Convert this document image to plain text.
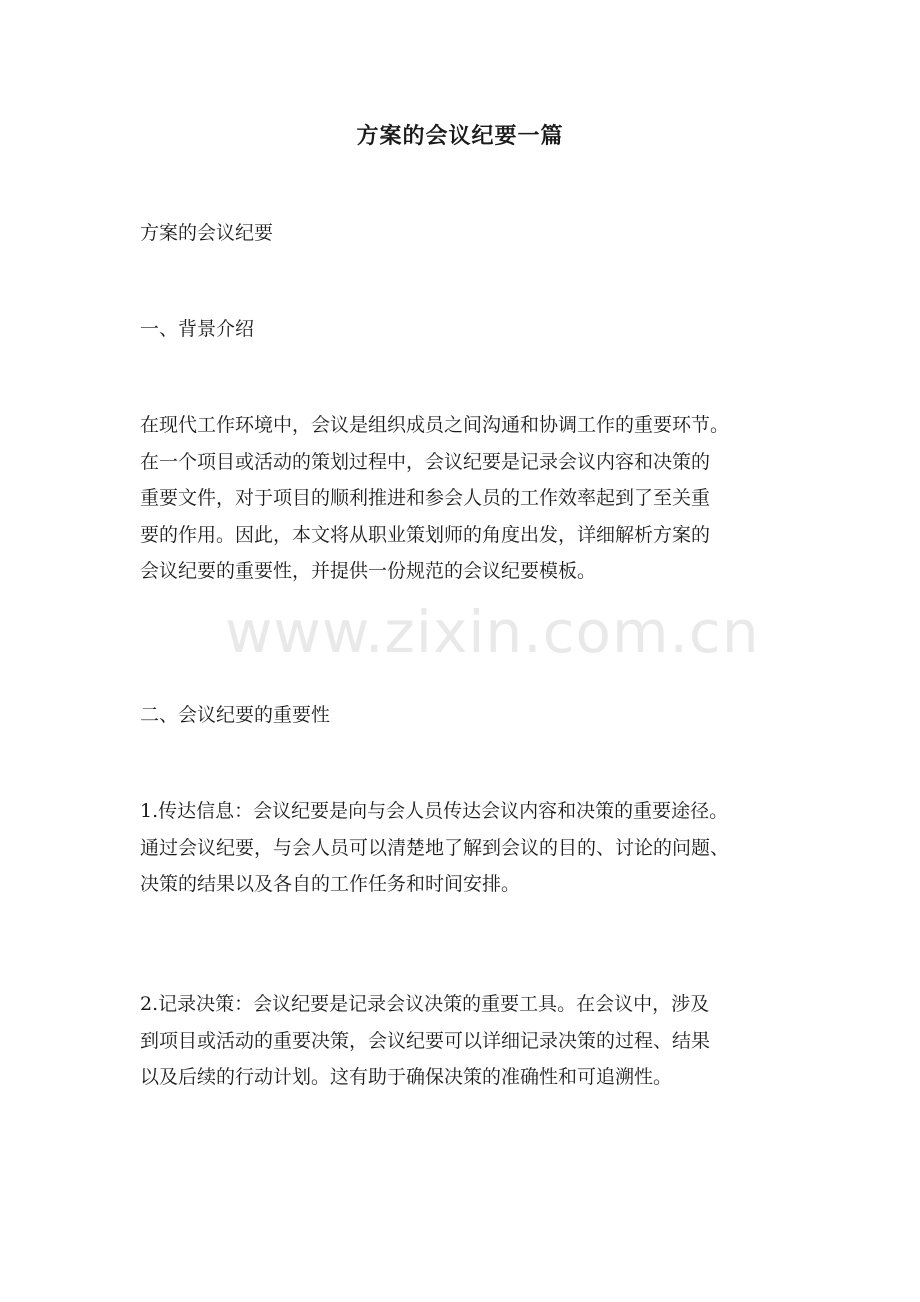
方案的会议纪要一篇
方案的会议纪要
一、背景介绍
在现代工作环境中，会议是组织成员之间沟通和协调工作的重要环节。
在一个项目或活动的策划过程中，会议纪要是记录会议内容和决策的
重要文件，对于项目的顺利推进和参会人员的工作效率起到了至关重
要的作用。因此，本文将从职业策划师的角度出发，详细解析方案的
会议纪要的重要性，并提供一份规范的会议纪要模板。
二、会议纪要的重要性
1.传达信息：会议纪要是向与会人员传达会议内容和决策的重要途径。
通过会议纪要，与会人员可以清楚地了解到会议的目的、讨论的问题、
决策的结果以及各自的工作任务和时间安排。
2.记录决策：会议纪要是记录会议决策的重要工具。在会议中，涉及
到项目或活动的重要决策，会议纪要可以详细记录决策的过程、结果
以及后续的行动计划。这有助于确保决策的准确性和可追溯性。
www.zixin.com.cn
